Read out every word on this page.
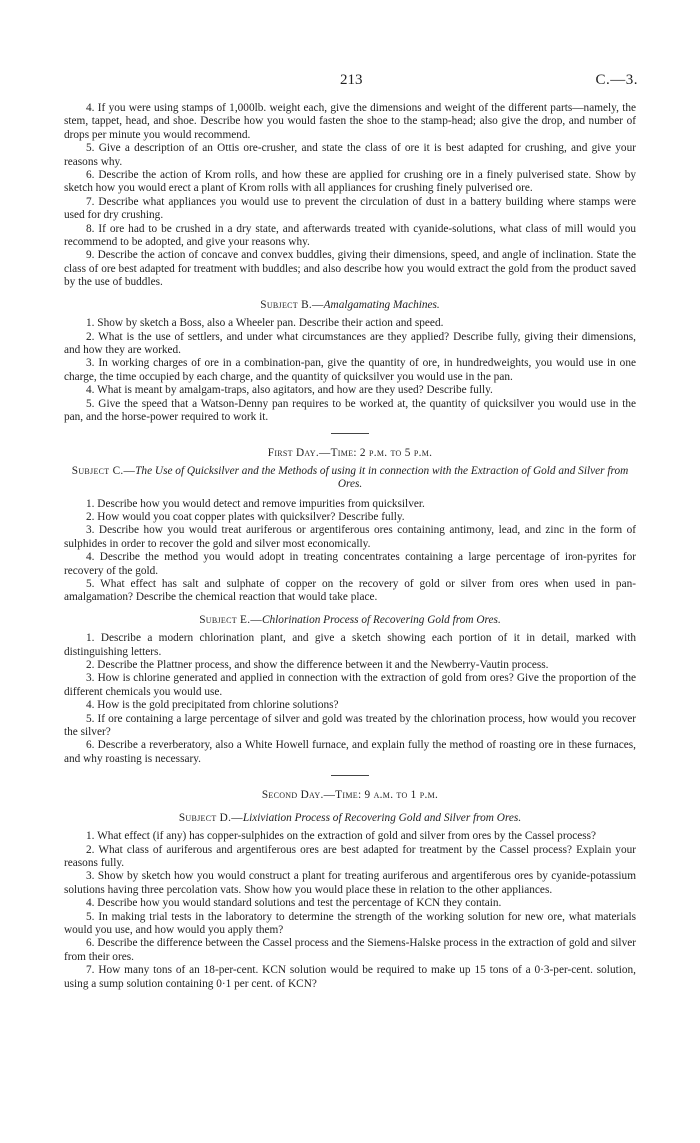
213	C.—3.

4. If you were using stamps of 1,000lb. weight each, give the dimensions and weight of the different parts—namely, the stem, tappet, head, and shoe. Describe how you would fasten the shoe to the stamp-head; also give the drop, and number of drops per minute you would recommend.

5. Give a description of an Ottis ore-crusher, and state the class of ore it is best adapted for crushing, and give your reasons why.

6. Describe the action of Krom rolls, and how these are applied for crushing ore in a finely pulverised state. Show by sketch how you would erect a plant of Krom rolls with all appliances for crushing finely pulverised ore.

7. Describe what appliances you would use to prevent the circulation of dust in a battery building where stamps were used for dry crushing.

8. If ore had to be crushed in a dry state, and afterwards treated with cyanide-solutions, what class of mill would you recommend to be adopted, and give your reasons why.

9. Describe the action of concave and convex buddles, giving their dimensions, speed, and angle of inclination. State the class of ore best adapted for treatment with buddles; and also describe how you would extract the gold from the product saved by the use of buddles.

Subject B.—Amalgamating Machines.

1. Show by sketch a Boss, also a Wheeler pan. Describe their action and speed.

2. What is the use of settlers, and under what circumstances are they applied? Describe fully, giving their dimensions, and how they are worked.

3. In working charges of ore in a combination-pan, give the quantity of ore, in hundredweights, you would use in one charge, the time occupied by each charge, and the quantity of quicksilver you would use in the pan.

4. What is meant by amalgam-traps, also agitators, and how are they used? Describe fully.

5. Give the speed that a Watson-Denny pan requires to be worked at, the quantity of quicksilver you would use in the pan, and the horse-power required to work it.

First Day.—Time: 2 p.m. to 5 p.m.
Subject C.—The Use of Quicksilver and the Methods of using it in connection with the Extraction of Gold and Silver from Ores.

1. Describe how you would detect and remove impurities from quicksilver.

2. How would you coat copper plates with quicksilver? Describe fully.

3. Describe how you would treat auriferous or argentiferous ores containing antimony, lead, and zinc in the form of sulphides in order to recover the gold and silver most economically.

4. Describe the method you would adopt in treating concentrates containing a large percentage of iron-pyrites for recovery of the gold.

5. What effect has salt and sulphate of copper on the recovery of gold or silver from ores when used in pan-amalgamation? Describe the chemical reaction that would take place.

Subject E.—Chlorination Process of Recovering Gold from Ores.

1. Describe a modern chlorination plant, and give a sketch showing each portion of it in detail, marked with distinguishing letters.

2. Describe the Plattner process, and show the difference between it and the Newberry-Vautin process.

3. How is chlorine generated and applied in connection with the extraction of gold from ores? Give the proportion of the different chemicals you would use.

4. How is the gold precipitated from chlorine solutions?

5. If ore containing a large percentage of silver and gold was treated by the chlorination process, how would you recover the silver?

6. Describe a reverberatory, also a White Howell furnace, and explain fully the method of roasting ore in these furnaces, and why roasting is necessary.

Second Day.—Time: 9 a.m. to 1 p.m.
Subject D.—Lixiviation Process of Recovering Gold and Silver from Ores.

1. What effect (if any) has copper-sulphides on the extraction of gold and silver from ores by the Cassel process?

2. What class of auriferous and argentiferous ores are best adapted for treatment by the Cassel process? Explain your reasons fully.

3. Show by sketch how you would construct a plant for treating auriferous and argentiferous ores by cyanide-potassium solutions having three percolation vats. Show how you would place these in relation to the other appliances.

4. Describe how you would standard solutions and test the percentage of KCN they contain.

5. In making trial tests in the laboratory to determine the strength of the working solution for new ore, what materials would you use, and how would you apply them?

6. Describe the difference between the Cassel process and the Siemens-Halske process in the extraction of gold and silver from their ores.

7. How many tons of an 18-per-cent. KCN solution would be required to make up 15 tons of a 0·3-per-cent. solution, using a sump solution containing 0·1 per cent. of KCN?
